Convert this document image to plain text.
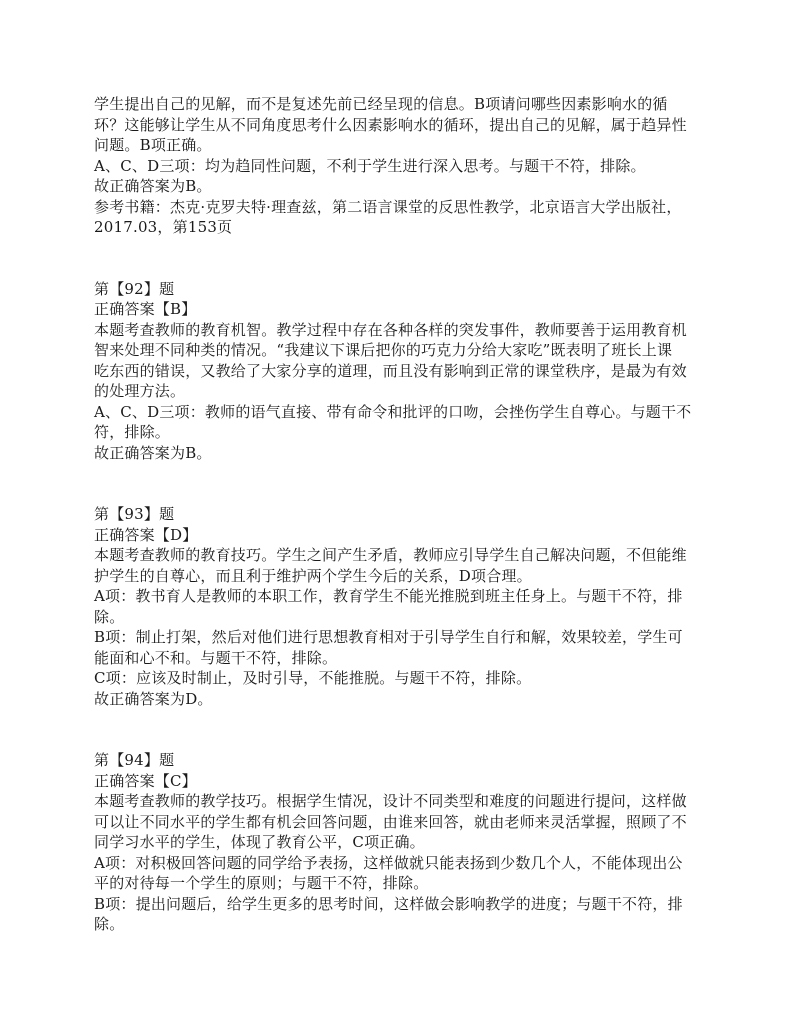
学生提出自己的见解，而不是复述先前已经呈现的信息。B项请问哪些因素影响水的循
环？这能够让学生从不同角度思考什么因素影响水的循环，提出自己的见解，属于趋异性
问题。B项正确。
A、C、D三项：均为趋同性问题，不利于学生进行深入思考。与题干不符，排除。
故正确答案为B。
参考书籍：杰克·克罗夫特·理查兹，第二语言课堂的反思性教学，北京语言大学出版社，
2017.03，第153页
第【92】题
正确答案【B】
本题考查教师的教育机智。教学过程中存在各种各样的突发事件，教师要善于运用教育机
智来处理不同种类的情况。“我建议下课后把你的巧克力分给大家吃”既表明了班长上课
吃东西的错误，又教给了大家分享的道理，而且没有影响到正常的课堂秩序，是最为有效
的处理方法。
A、C、D三项：教师的语气直接、带有命令和批评的口吻，会挫伤学生自尊心。与题干不
符，排除。
故正确答案为B。
第【93】题
正确答案【D】
本题考查教师的教育技巧。学生之间产生矛盾，教师应引导学生自己解决问题，不但能维
护学生的自尊心，而且利于维护两个学生今后的关系，D项合理。
A项：教书育人是教师的本职工作，教育学生不能光推脱到班主任身上。与题干不符，排
除。
B项：制止打架，然后对他们进行思想教育相对于引导学生自行和解，效果较差，学生可
能面和心不和。与题干不符，排除。
C项：应该及时制止，及时引导，不能推脱。与题干不符，排除。
故正确答案为D。
第【94】题
正确答案【C】
本题考查教师的教学技巧。根据学生情况，设计不同类型和难度的问题进行提问，这样做
可以让不同水平的学生都有机会回答问题，由谁来回答，就由老师来灵活掌握，照顾了不
同学习水平的学生，体现了教育公平，C项正确。
A项：对积极回答问题的同学给予表扬，这样做就只能表扬到少数几个人，不能体现出公
平的对待每一个学生的原则；与题干不符，排除。
B项：提出问题后，给学生更多的思考时间，这样做会影响教学的进度；与题干不符，排
除。
